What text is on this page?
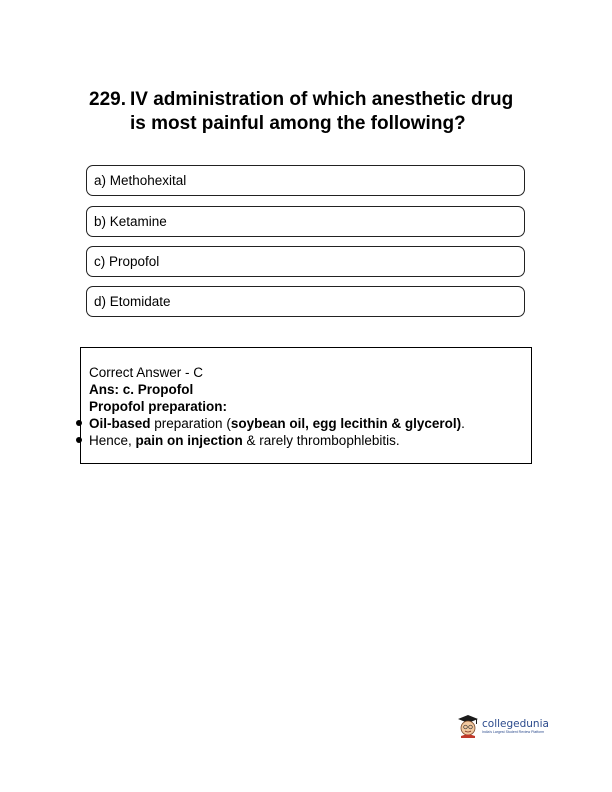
229. IV administration of which anesthetic drug is most painful among the following?
a) Methohexital
b) Ketamine
c) Propofol
d) Etomidate
Correct Answer - C
Ans: c. Propofol
Propofol preparation:
Oil-based preparation (soybean oil, egg lecithin & glycerol).
Hence, pain on injection & rarely thrombophlebitis.
collegedunia
India's Largest Student Review Platform
